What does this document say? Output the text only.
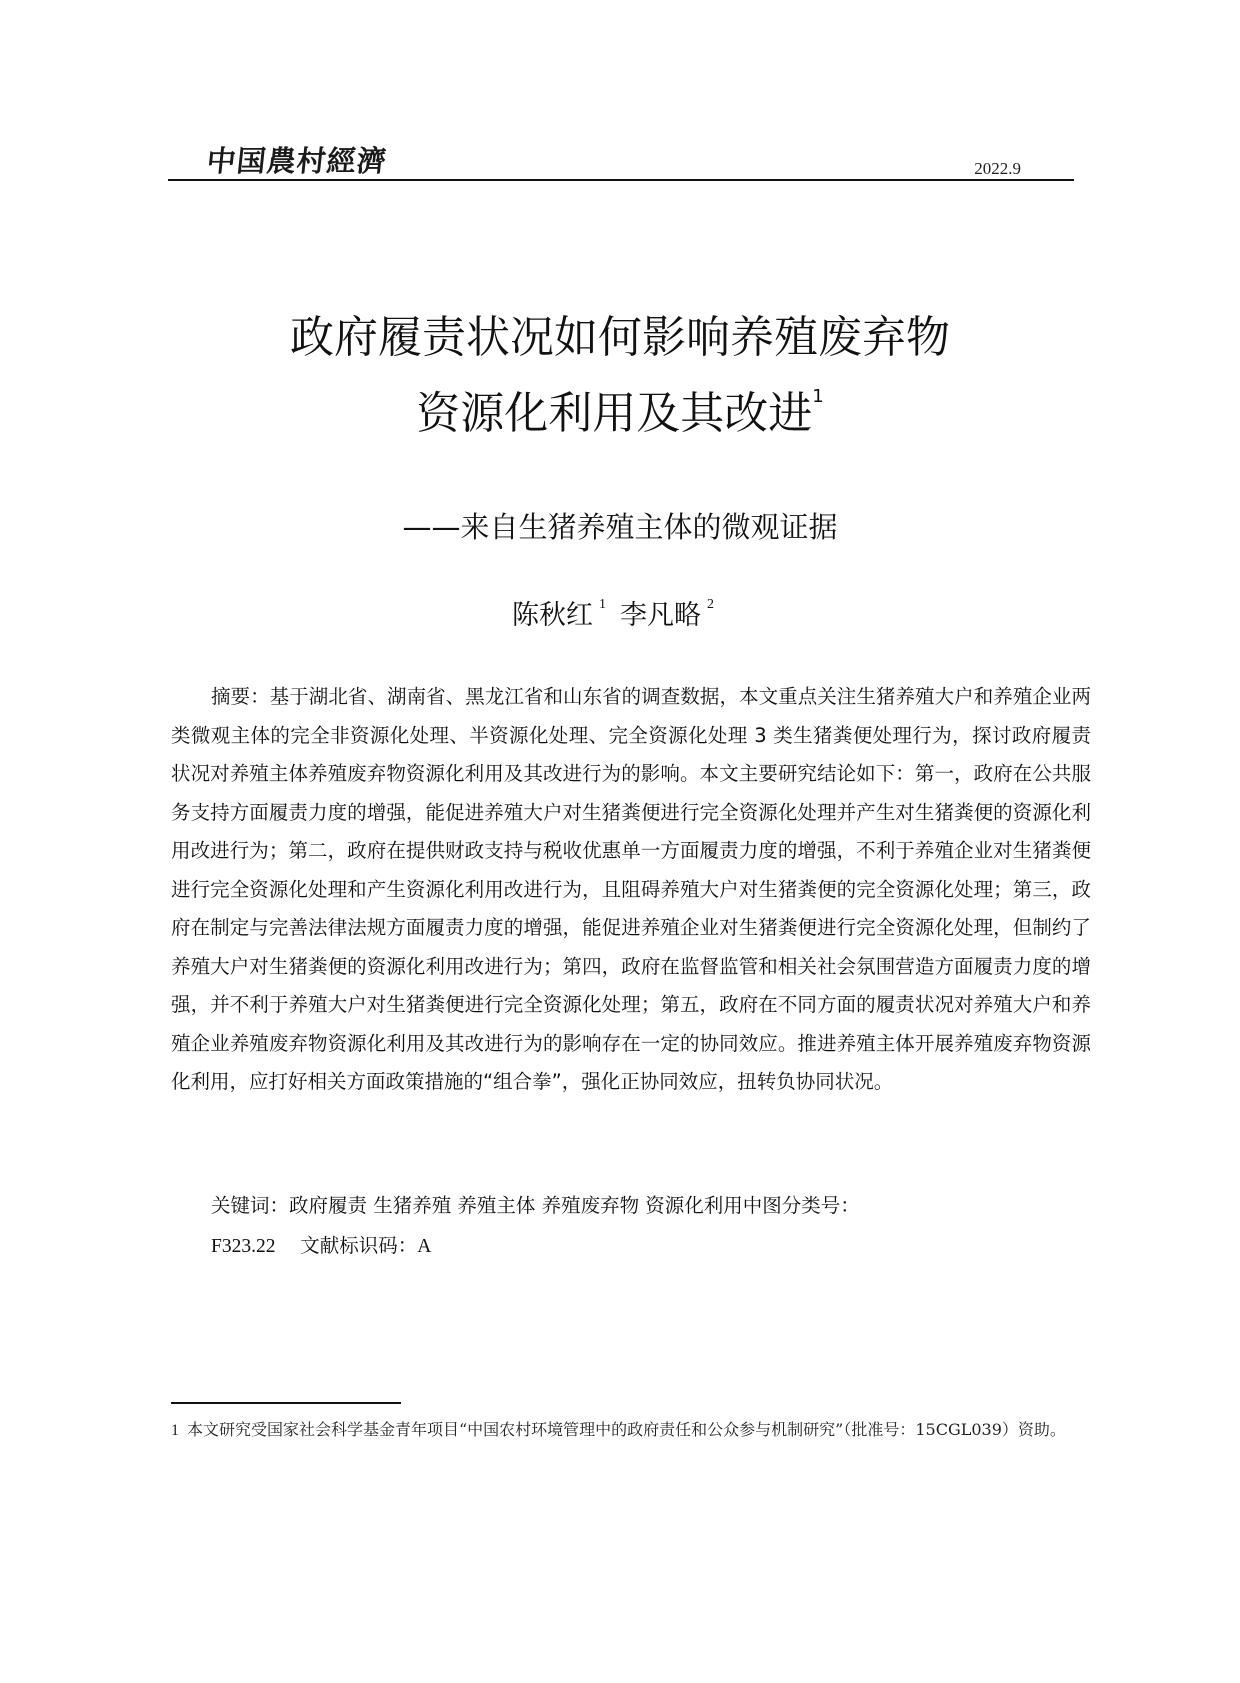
中国農村經濟	2022.9
政府履责状况如何影响养殖废弃物
资源化利用及其改进$^1$
——来自生猪养殖主体的微观证据
陈秋红 $^1$ 李凡略 $^2$

摘要：基于湖北省、湖南省、黑龙江省和山东省的调查数据，本文重点关注生猪养殖大户和养殖企业两类微观主体的完全非资源化处理、半资源化处理、完全资源化处理 3 类生猪粪便处理行为，探讨政府履责状况对养殖主体养殖废弃物资源化利用及其改进行为的影响。本文主要研究结论如下：第一，政府在公共服务支持方面履责力度的增强，能促进养殖大户对生猪粪便进行完全资源化处理并产生对生猪粪便的资源化利用改进行为；第二，政府在提供财政支持与税收优惠单一方面履责力度的增强，不利于养殖企业对生猪粪便进行完全资源化处理和产生资源化利用改进行为，且阻碍养殖大户对生猪粪便的完全资源化处理；第三，政府在制定与完善法律法规方面履责力度的增强，能促进养殖企业对生猪粪便进行完全资源化处理，但制约了养殖大户对生猪粪便的资源化利用改进行为；第四，政府在监督监管和相关社会氛围营造方面履责力度的增强，并不利于养殖大户对生猪粪便进行完全资源化处理；第五，政府在不同方面的履责状况对养殖大户和养殖企业养殖废弃物资源化利用及其改进行为的影响存在一定的协同效应。推进养殖主体开展养殖废弃物资源化利用，应打好相关方面政策措施的“组合拳”，强化正协同效应，扭转负协同状况。

关键词：政府履责 生猪养殖 养殖主体 养殖废弃物 资源化利用中图分类号：
F323.22 文献标识码：A

1 本文研究受国家社会科学基金青年项目“中国农村环境管理中的政府责任和公众参与机制研究”（批准号：15CGL039）资助。
